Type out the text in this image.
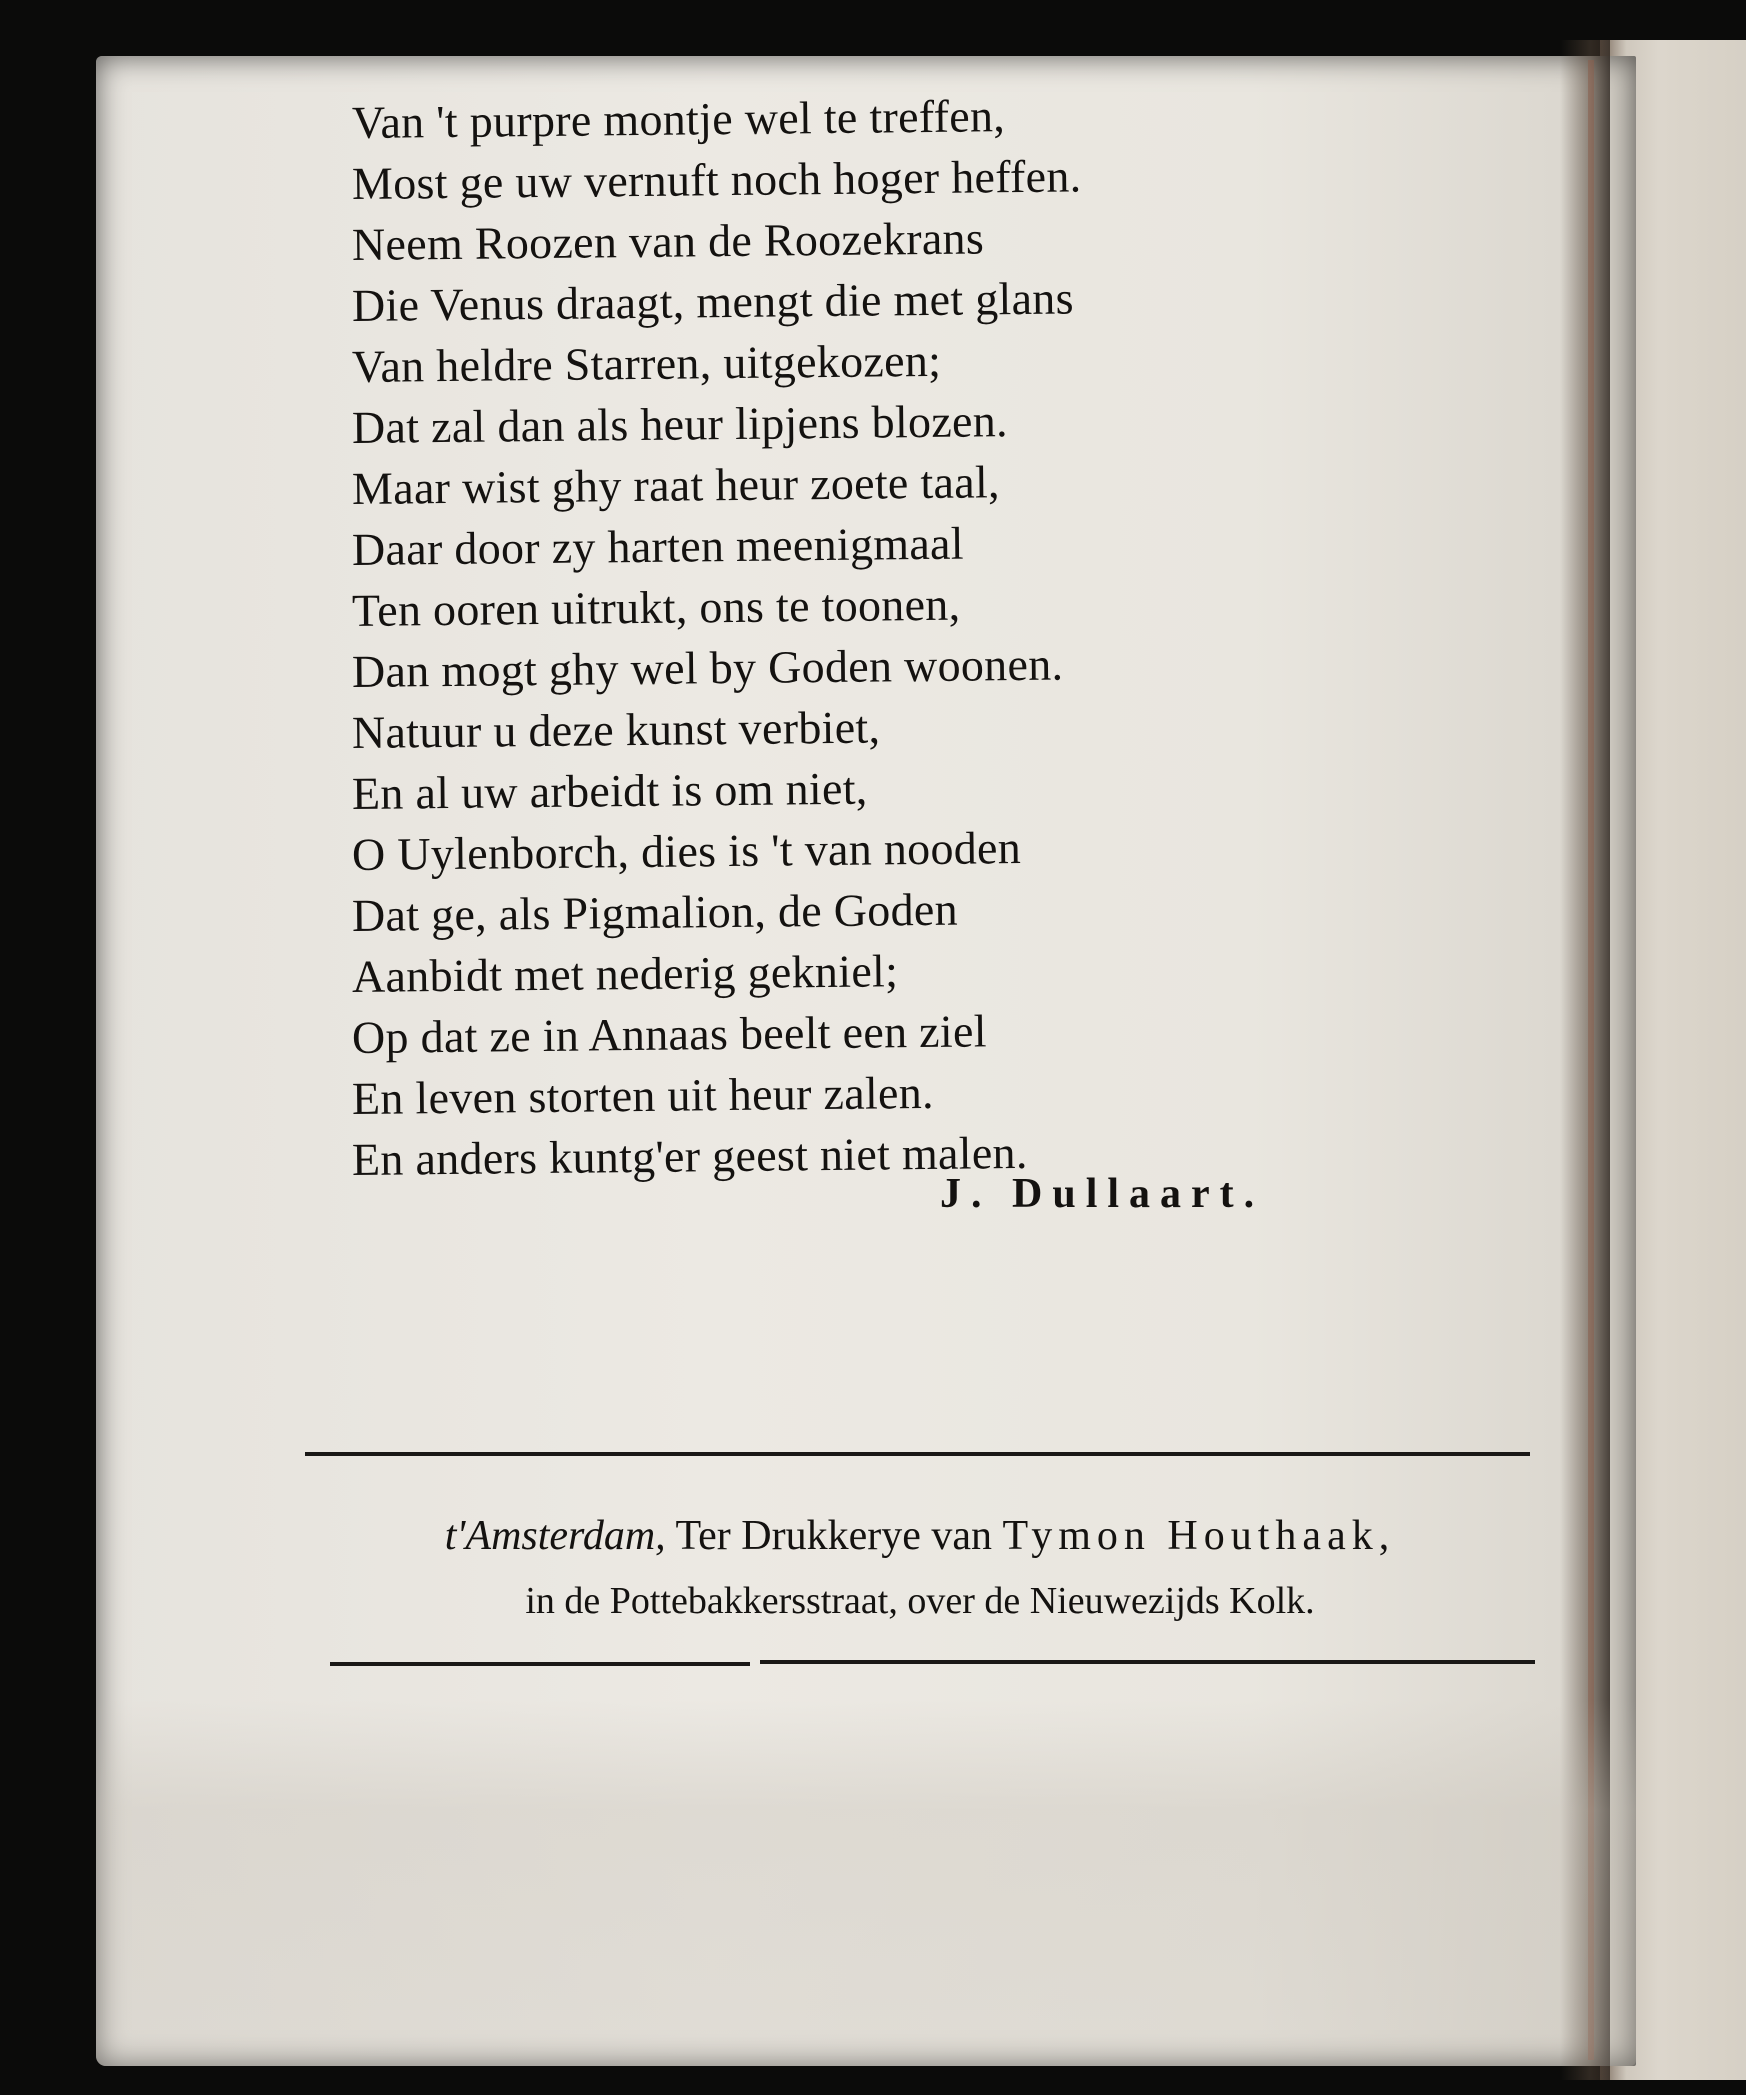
Van 't purpre montje wel te treffen,
Most ge uw vernuft noch hoger heffen.
Neem Roozen van de Roozekrans
Die Venus draagt, mengt die met glans
Van heldre Starren, uitgekozen;
Dat zal dan als heur lipjens blozen.
Maar wist ghy raat heur zoete taal,
Daar door zy harten meenigmaal
Ten ooren uitrukt, ons te toonen,
Dan mogt ghy wel by Goden woonen.
Natuur u deze kunst verbiet,
En al uw arbeidt is om niet,
O Uylenborch, dies is 't van nooden
Dat ge, als Pigmalion, de Goden
Aanbidt met nederig gekniel;
Op dat ze in Annaas beelt een ziel
En leven storten uit heur zalen.
En anders kuntg'er geest niet malen.
J. Dullaart.
t'Amsterdam, Ter Drukkerye van Tymon Houthaak,
in de Pottebakkersstraat, over de Nieuwezijds Kolk.
